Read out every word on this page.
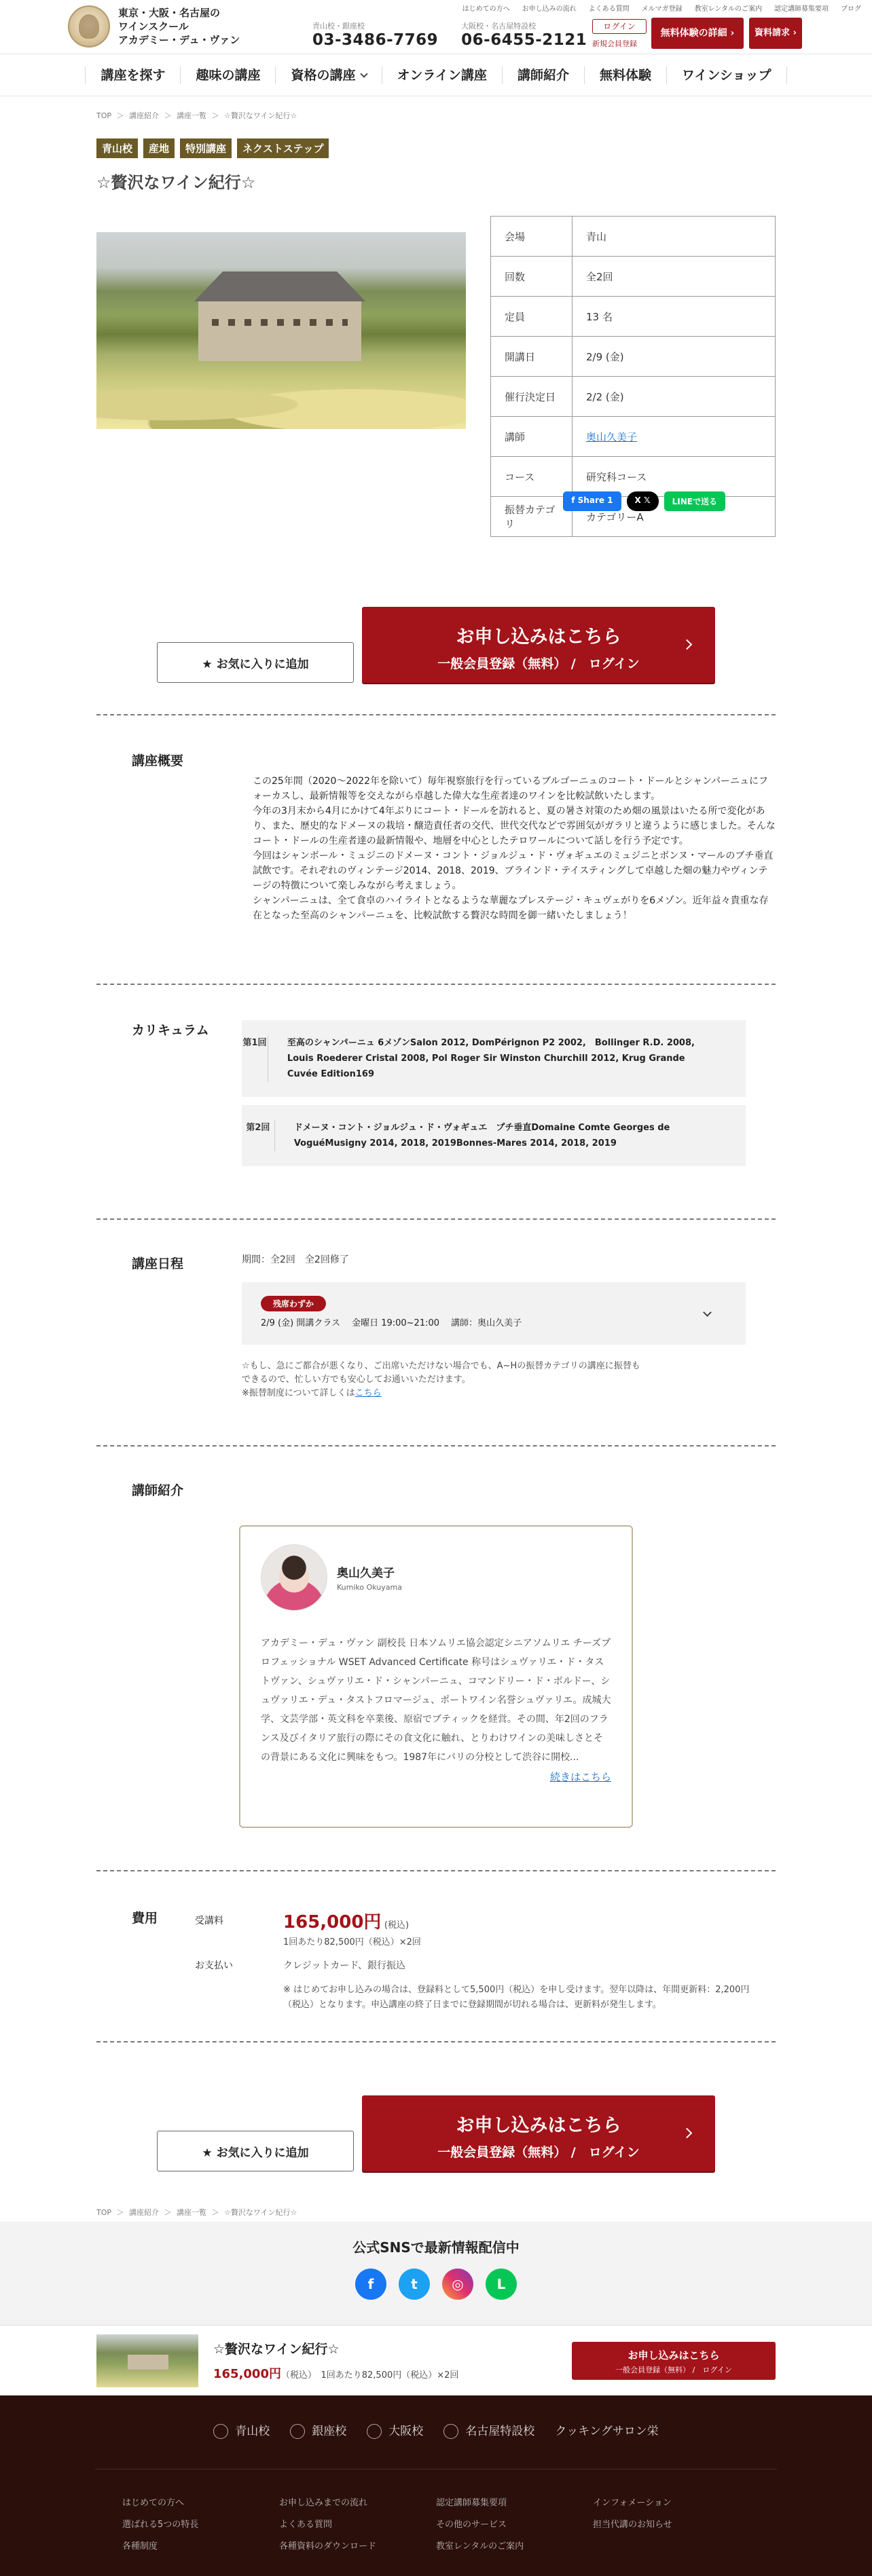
東京・大阪・名古屋の
ワインスクール
アカデミー・デュ・ヴァン
青山校・銀座校
03-3486-7769
大阪校・名古屋特設校
06-6455-2121
はじめての方へ お申し込みの流れ よくある質問 メルマガ登録 教室レンタルのご案内 認定講師募集要項 ブログ
ログイン
新規会員登録
無料体験の詳細 ›	資料請求 ›
講座を探す	趣味の講座	資格の講座	オンライン講座	講師紹介	無料体験	ワインショップ
TOP ＞ 講座紹介 ＞ 講座一覧 ＞ ☆贅沢なワイン紀行☆
青山校	産地	特別講座	ネクストステップ
☆贅沢なワイン紀行☆
会場	青山
回数	全2回
定員	13 名
開講日	2/9 (金)
催行決定日	2/2 (金)
講師	奥山久美子
コース	研究科コース
振替カテゴリ	カテゴリーA
f Share 1	X 𝕏	LINEで送る
★ お気に入りに追加
お申し込みはこちら
一般会員登録（無料） /　ログイン
講座概要

この25年間（2020〜2022年を除いて）毎年視察旅行を行っているブルゴーニュのコート・ドールとシャンパーニュにフォーカスし、最新情報等を交えながら卓越した偉大な生産者達のワインを比較試飲いたします。
今年の3月末から4月にかけて4年ぶりにコート・ドールを訪れると、夏の暑さ対策のため畑の風景はいたる所で変化があり、また、歴史的なドメーヌの栽培・醸造責任者の交代、世代交代などで雰囲気がガラリと違うように感じました。そんなコート・ドールの生産者達の最新情報や、地層を中心としたテロワールについて話しを行う予定です。
今回はシャンボール・ミュジニのドメーヌ・コント・ジョルジュ・ド・ヴォギュエのミュジニとボンヌ・マールのブチ垂直試飲です。それぞれのヴィンテージ2014、2018、2019、ブラインド・テイスティングして卓越した畑の魅力やヴィンテージの特徴について楽しみながら考えましょう。
シャンパーニュは、全て食卓のハイライトとなるような華麗なプレステージ・キュヴェがりを6メゾン。近年益々貴重な存在となった至高のシャンパーニュを、比較試飲する贅沢な時間を御一緒いたしましょう！

カリキュラム
第1回	至高のシャンパーニュ 6メゾンSalon 2012, DomPérignon P2 2002,　Bollinger R.D. 2008, Louis Roederer Cristal 2008, Pol Roger Sir Winston Churchill 2012, Krug Grande Cuvée Edition169
第2回	ドメーヌ・コント・ジョルジュ・ド・ヴォギュエ　プチ垂直Domaine Comte Georges de VoguéMusigny 2014, 2018, 2019Bonnes-Mares 2014, 2018, 2019
講座日程	期間：全2回　全2回修了
残席わずか
2/9 (金) 開講クラス　 金曜日 19:00~21:00　 講師：奥山久美子
☆もし、急にご都合が悪くなり、ご出席いただけない場合でも、A~Hの振替カテゴリの講座に振替も
できるので、忙しい方でも安心してお通いいただけます。
※振替制度について詳しくはこちら
講師紹介
奥山久美子
Kumiko Okuyama

アカデミー・デュ・ヴァン 副校長 日本ソムリエ協会認定シニアソムリエ チーズプロフェッショナル WSET Advanced Certificate 称号はシュヴァリエ・ド・タストヴァン、シュヴァリエ・ド・シャンパーニュ、コマンドリー・ド・ボルドー、シュヴァリエ・デュ・タストフロマージュ、ポートワイン名誉シュヴァリエ。成城大学、文芸学部・英文科を卒業後、原宿でブティックを経営。その間、年2回のフランス及びイタリア旅行の際にその食文化に触れ、とりわけワインの美味しさとその背景にある文化に興味をもつ。1987年にパリの分校として渋谷に開校...

続きはこちら
費用	受講料	165,000円 (税込)
1回あたり82,500円（税込）×2回
お支払い	クレジットカード、銀行振込
※ はじめてお申し込みの場合は、登録料として5,500円（税込）を申し受けます。翌年以降は、年間更新料：2,200円（税込）となります。申込講座の終了日までに登録期間が切れる場合は、更新料が発生します。
★ お気に入りに追加
お申し込みはこちら
一般会員登録（無料） /　ログイン
TOP ＞ 講座紹介 ＞ 講座一覧 ＞ ☆贅沢なワイン紀行☆
公式SNSで最新情報配信中
f	t	◎	L
☆贅沢なワイン紀行☆
165,000円（税込）　1回あたり82,500円（税込）×2回
お申し込みはこちら
一般会員登録（無料） /　ログイン
青山校	銀座校	大阪校	名古屋特設校 クッキングサロン栄
はじめての方へ
選ばれる5つの特長
各種制度
お申し込みまでの流れ
よくある質問
各種資料のダウンロード
認定講師募集要項
その他のサービス
教室レンタルのご案内
インフォメーション
担当代講のお知らせ
